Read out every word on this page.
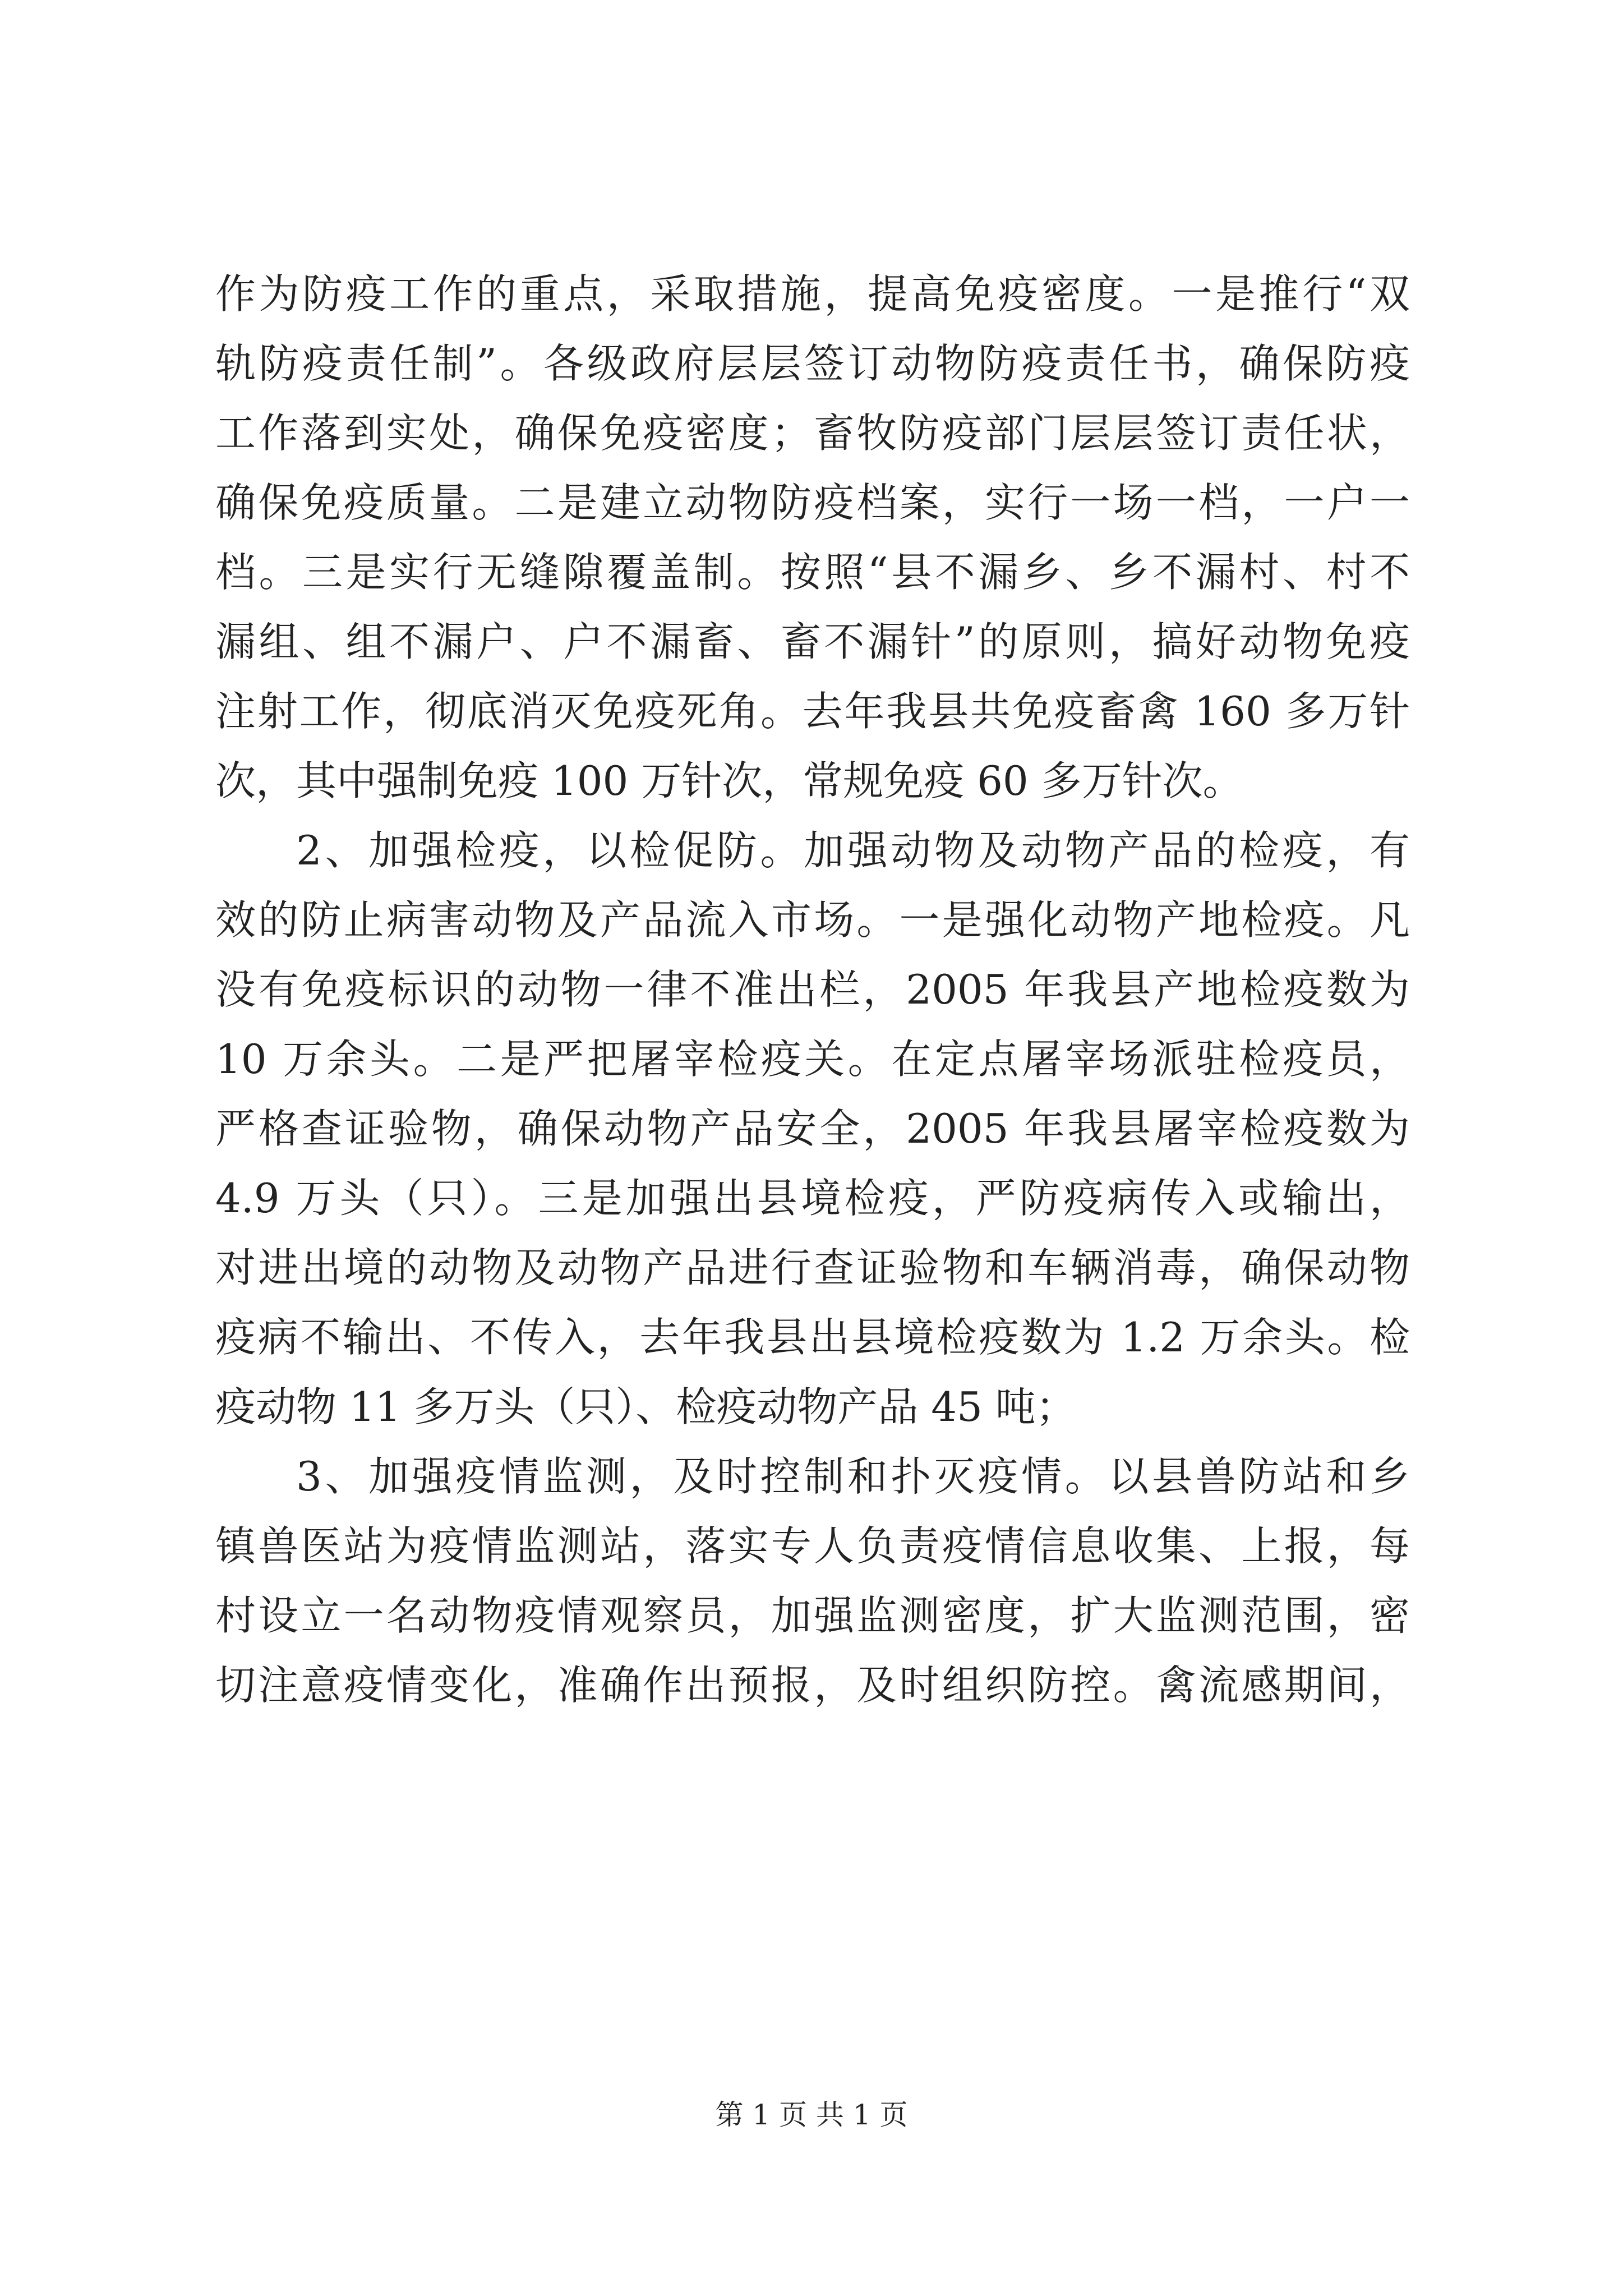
作为防疫工作的重点，采取措施，提高免疫密度。一是推行“双
轨防疫责任制”。各级政府层层签订动物防疫责任书，确保防疫
工作落到实处，确保免疫密度；畜牧防疫部门层层签订责任状，
确保免疫质量。二是建立动物防疫档案，实行一场一档，一户一
档。三是实行无缝隙覆盖制。按照“县不漏乡、乡不漏村、村不
漏组、组不漏户、户不漏畜、畜不漏针”的原则，搞好动物免疫
注射工作，彻底消灭免疫死角。去年我县共免疫畜禽 160 多万针
次，其中强制免疫 100 万针次，常规免疫 60 多万针次。
2、加强检疫，以检促防。加强动物及动物产品的检疫，有
效的防止病害动物及产品流入市场。一是强化动物产地检疫。凡
没有免疫标识的动物一律不准出栏，2005 年我县产地检疫数为
10 万余头。二是严把屠宰检疫关。在定点屠宰场派驻检疫员，
严格查证验物，确保动物产品安全，2005 年我县屠宰检疫数为
4.9 万头（只）。三是加强出县境检疫，严防疫病传入或输出，
对进出境的动物及动物产品进行查证验物和车辆消毒，确保动物
疫病不输出、不传入，去年我县出县境检疫数为 1.2 万余头。检
疫动物 11 多万头（只）、检疫动物产品 45 吨；
3、加强疫情监测，及时控制和扑灭疫情。以县兽防站和乡
镇兽医站为疫情监测站，落实专人负责疫情信息收集、上报，每
村设立一名动物疫情观察员，加强监测密度，扩大监测范围，密
切注意疫情变化，准确作出预报，及时组织防控。禽流感期间，
第 1 页 共 1 页
